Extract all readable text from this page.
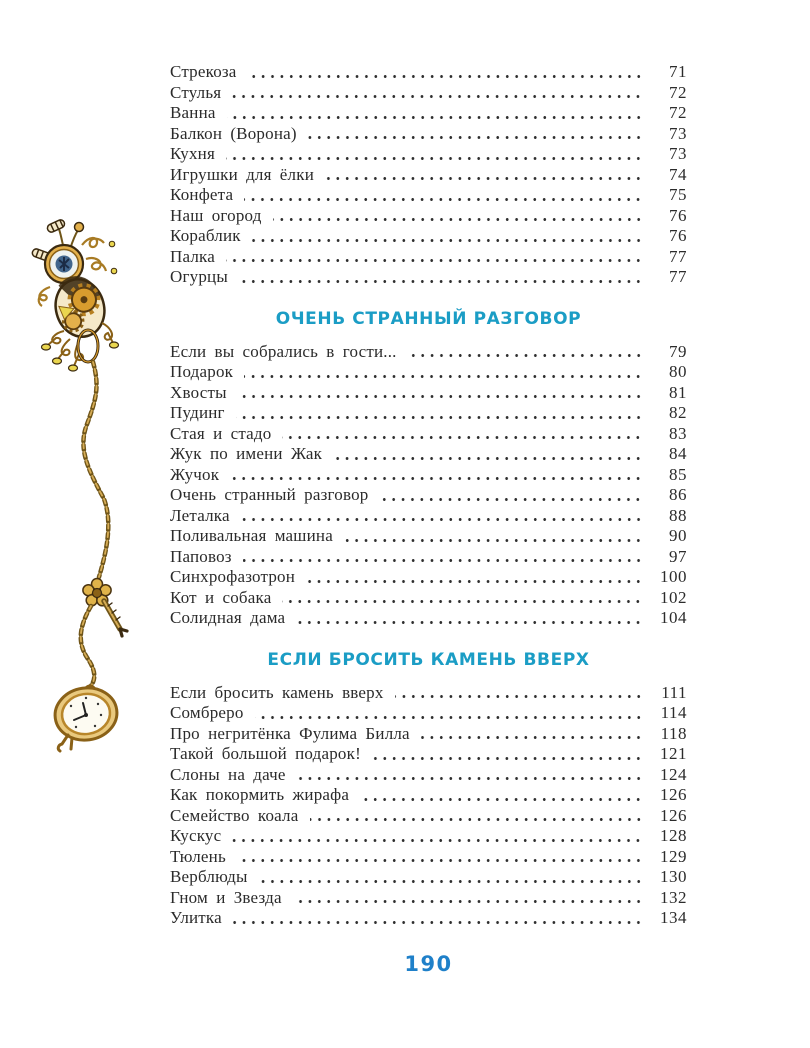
Стрекоза	71
Стулья	72
Ванна	72
Балкон (Ворона)	73
Кухня	73
Игрушки для ёлки	74
Конфета	75
Наш огород	76
Кораблик	76
Палка	77
Огурцы	77
ОЧЕНЬ СТРАННЫЙ РАЗГОВОР
Если вы собрались в гости...	79
Подарок	80
Хвосты	81
Пудинг	82
Стая и стадо	83
Жук по имени Жак	84
Жучок	85
Очень странный разговор	86
Леталка	88
Поливальная машина	90
Паповоз	97
Синхрофазотрон	100
Кот и собака	102
Солидная дама	104
ЕСЛИ БРОСИТЬ КАМЕНЬ ВВЕРХ
Если бросить камень вверх	111
Сомбреро	114
Про негритёнка Фулима Билла	118
Такой большой подарок!	121
Слоны на даче	124
Как покормить жирафа	126
Семейство коала	126
Кускус	128
Тюлень	129
Верблюды	130
Гном и Звезда	132
Улитка	134
190
